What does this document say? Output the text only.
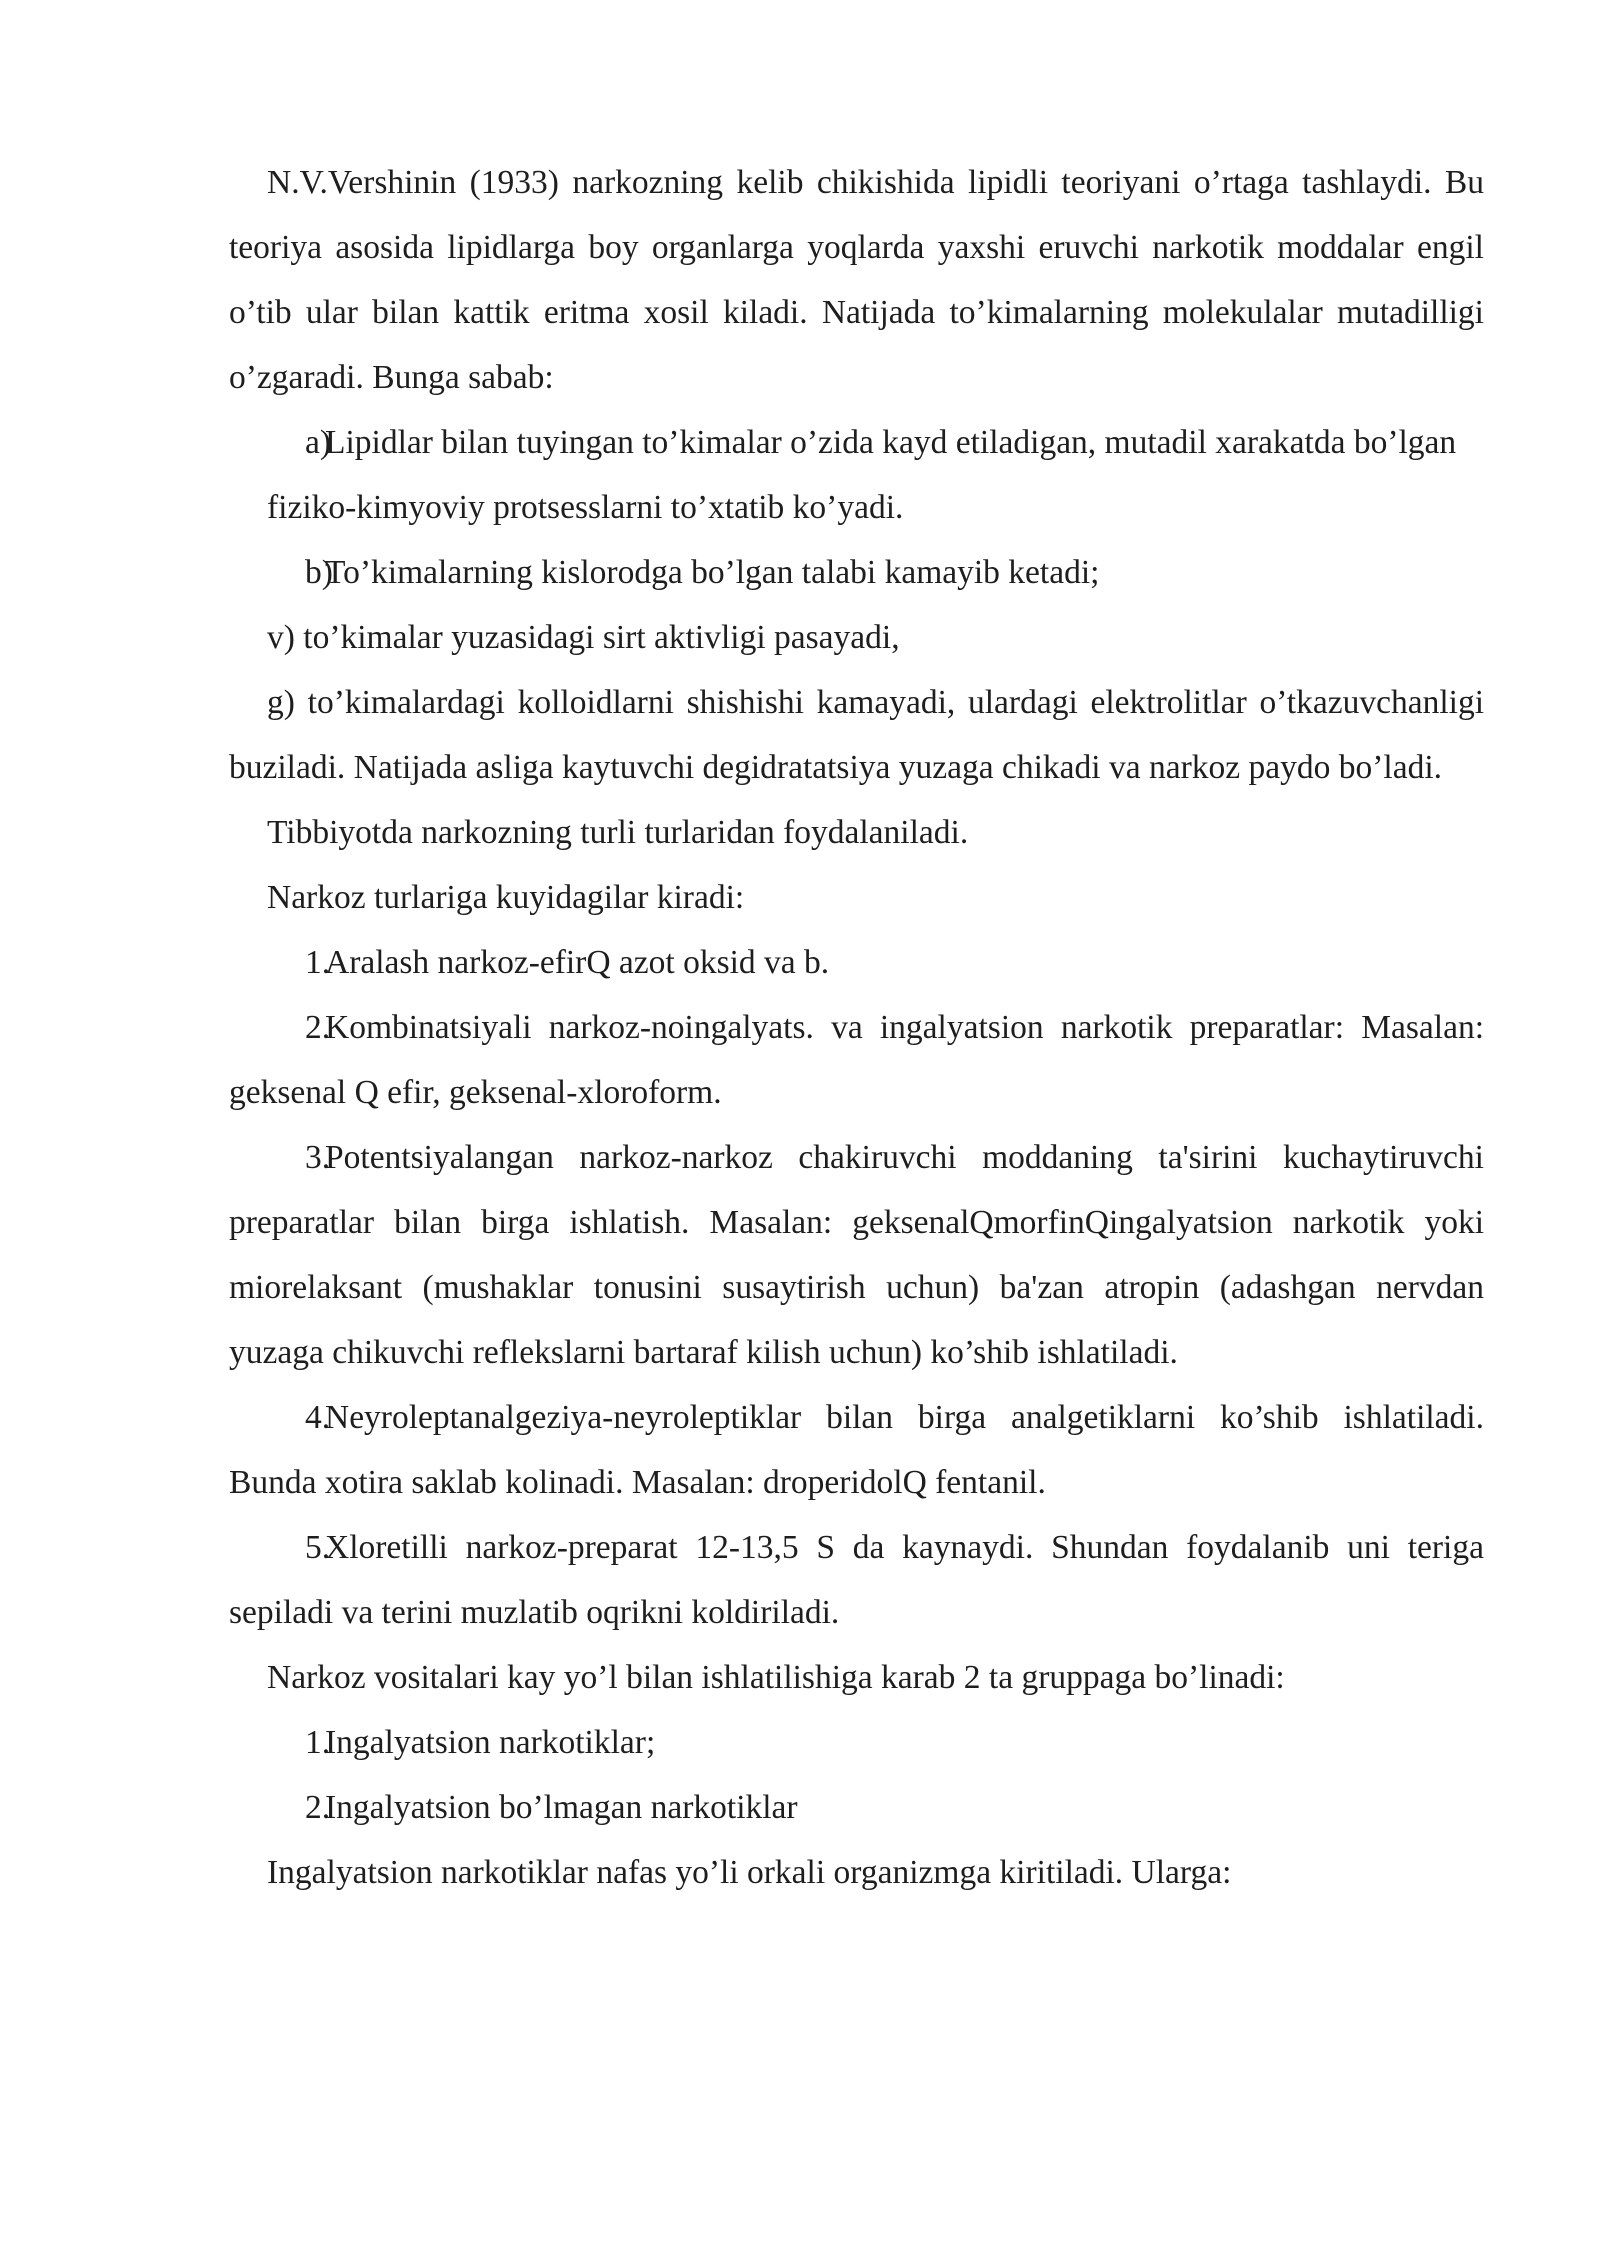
N.V.Vershinin (1933) narkozning kelib chikishida lipidli teoriyani o’rtaga tashlaydi. Bu teoriya asosida lipidlarga boy organlarga yoqlarda yaxshi eruvchi narkotik moddalar engil o’tib ular bilan kattik eritma xosil kiladi. Natijada to’kimalarning molekulalar mutadilligi o’zgaradi. Bunga sabab:

a)Lipidlar bilan tuyingan to’kimalar o’zida kayd etiladigan, mutadil xarakatda bo’lgan

fiziko-kimyoviy protsesslarni to’xtatib ko’yadi.

b)To’kimalarning kislorodga bo’lgan talabi kamayib ketadi;

v) to’kimalar yuzasidagi sirt aktivligi pasayadi,

g) to’kimalardagi kolloidlarni shishishi kamayadi, ulardagi elektrolitlar o’tkazuvchanligi buziladi. Natijada asliga kaytuvchi degidratatsiya yuzaga chikadi va narkoz paydo bo’ladi.

Tibbiyotda narkozning turli turlaridan foydalaniladi.

Narkoz turlariga kuyidagilar kiradi:

1.Aralash narkoz-efirQ azot oksid va b.

2.Kombinatsiyali narkoz-noingalyats. va ingalyatsion narkotik preparatlar: Masalan: geksenal Q efir, geksenal-xloroform.

3.Potentsiyalangan narkoz-narkoz chakiruvchi moddaning ta'sirini kuchaytiruvchi preparatlar bilan birga ishlatish. Masalan: geksenalQmorfinQingalyatsion narkotik yoki miorelaksant (mushaklar tonusini susaytirish uchun) ba'zan atropin (adashgan nervdan yuzaga chikuvchi reflekslarni bartaraf kilish uchun) ko’shib ishlatiladi.

4.Neyroleptanalgeziya-neyroleptiklar bilan birga analgetiklarni ko’shib ishlatiladi. Bunda xotira saklab kolinadi. Masalan: droperidolQ fentanil.

5.Xloretilli narkoz-preparat 12-13,5 S da kaynaydi. Shundan foydalanib uni teriga sepiladi va terini muzlatib oqrikni koldiriladi.

Narkoz vositalari kay yo’l bilan ishlatilishiga karab 2 ta gruppaga bo’linadi:

1.Ingalyatsion narkotiklar;

2.Ingalyatsion bo’lmagan narkotiklar

Ingalyatsion narkotiklar nafas yo’li orkali organizmga kiritiladi. Ularga:
